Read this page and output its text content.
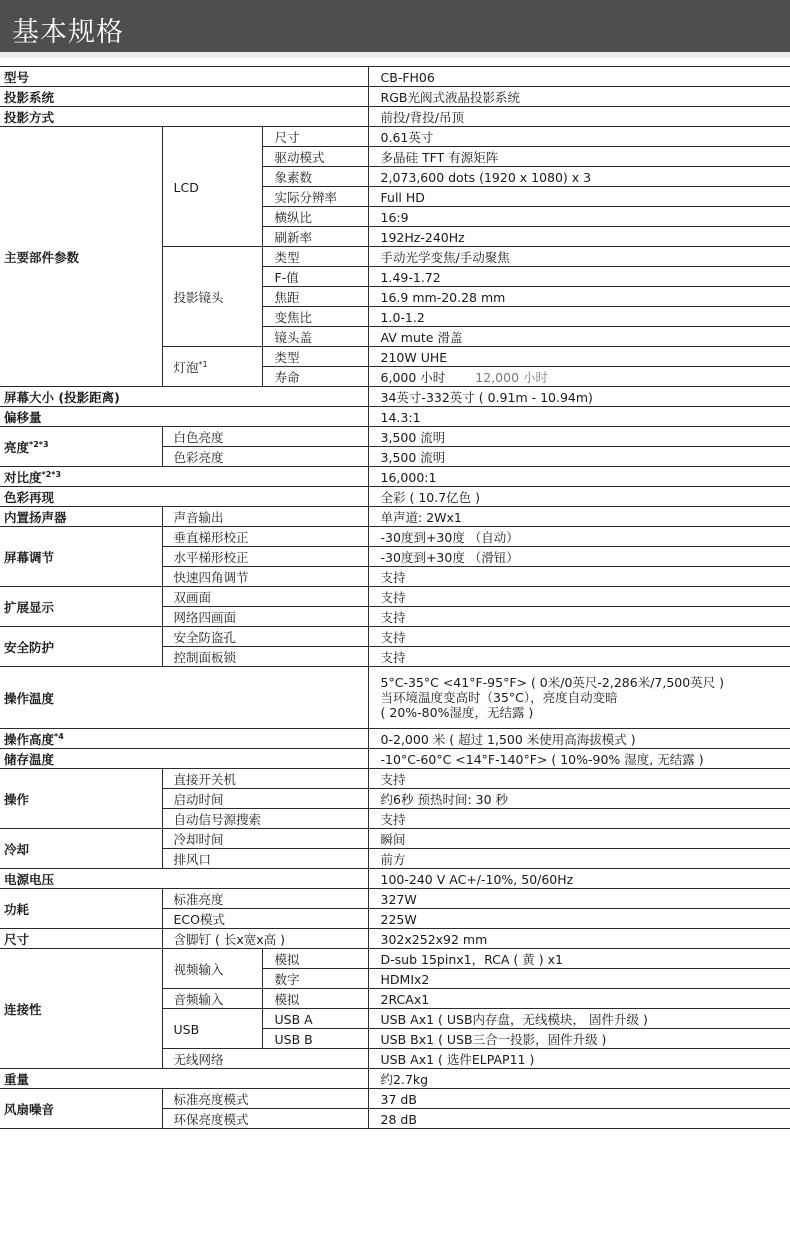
基本规格
型号			CB-FH06
投影系统			RGB光阀式液晶投影系统
投影方式			前投/背投/吊顶
主要部件参数	LCD	尺寸	0.61英寸
		驱动模式	多晶硅 TFT 有源矩阵
		象素数	2,073,600 dots (1920 x 1080) x 3
		实际分辨率	Full HD
		横纵比	16:9
		刷新率	192Hz-240Hz
	投影镜头	类型	手动光学变焦/手动聚焦
		F-值	1.49-1.72
		焦距	16.9 mm-20.28 mm
		变焦比	1.0-1.2
		镜头盖	AV mute 滑盖
	灯泡$^{*1}$	类型	210W UHE
		寿命	6,000 小时 12,000 小时
屏幕大小 (投影距离)			34英寸-332英寸 ( 0.91m - 10.94m)
偏移量			14.3:1
亮度$^{*2*3}$	白色亮度		3,500 流明
	色彩亮度		3,500 流明
对比度$^{*2*3}$			16,000:1
色彩再现			全彩 ( 10.7亿色 )
内置扬声器	声音输出		单声道: 2Wx1
屏幕调节	垂直梯形校正		-30度到+30度 （自动）
	水平梯形校正		-30度到+30度 （滑钮）
	快速四角调节		支持
扩展显示	双画面		支持
	网络四画面		支持
安全防护	安全防盗孔		支持
	控制面板锁		支持
操作温度			5°C-35°C <41°F-95°F> ( 0米/0英尺-2,286米/7,500英尺 )
当环境温度变高时（35°C），亮度自动变暗
( 20%-80%湿度，无结露 )

操作高度$^{*4}$			0-2,000 米 ( 超过 1,500 米使用高海拔模式 )
储存温度			-10°C-60°C <14°F-140°F> ( 10%-90% 湿度, 无结露 )
操作	直接开关机		支持
	启动时间		约6秒 预热时间: 30 秒
	自动信号源搜索		支持
冷却	冷却时间		瞬间
	排风口		前方
电源电压			100-240 V AC+/-10%, 50/60Hz
功耗	标准亮度		327W
	ECO模式		225W
尺寸	含脚钉 ( 长x宽x高 )		302x252x92 mm
连接性	视频输入	模拟	D-sub 15pinx1，RCA ( 黄 ) x1
		数字	HDMIx2
	音频输入	模拟	2RCAx1
	USB	USB A	USB Ax1 ( USB内存盘，无线模块， 固件升级 )
		USB B	USB Bx1 ( USB三合一投影，固件升级 )
	无线网络		USB Ax1 ( 选件ELPAP11 )
重量			约2.7kg
风扇噪音	标准亮度模式		37 dB
	环保亮度模式		28 dB
